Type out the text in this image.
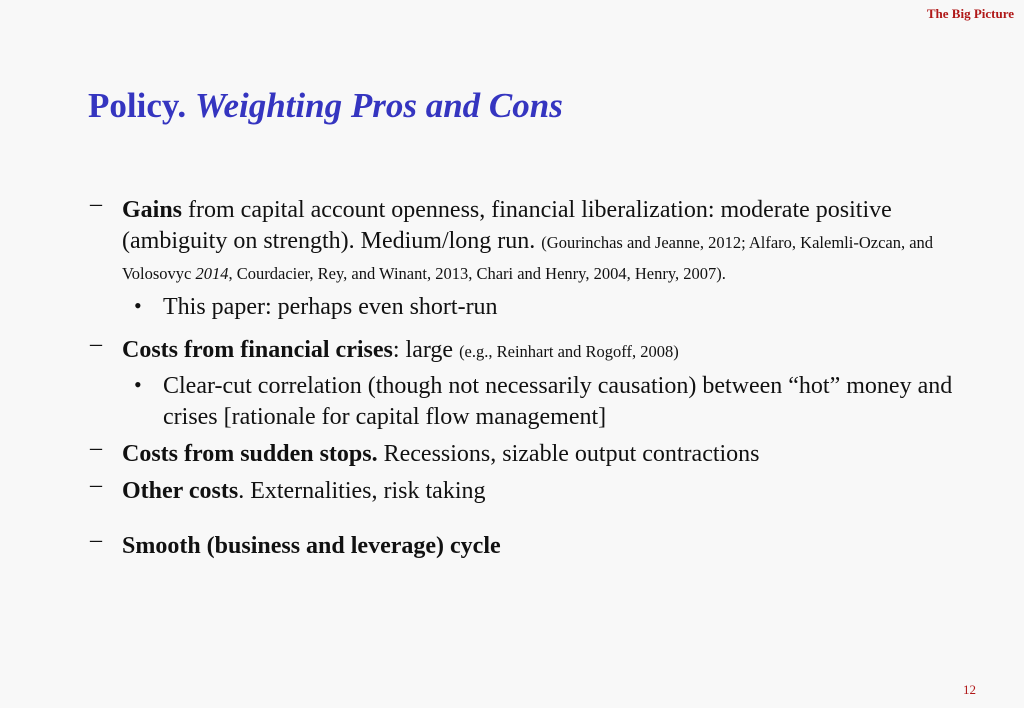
The Big Picture
Policy. Weighting Pros and Cons
– Gains from capital account openness, financial liberalization: moderate positive (ambiguity on strength). Medium/long run. (Gourinchas and Jeanne, 2012; Alfaro, Kalemli-Ozcan, and Volosovyc 2014, Courdacier, Rey, and Winant, 2013, Chari and Henry, 2004, Henry, 2007).
• This paper: perhaps even short-run
– Costs from financial crises: large (e.g., Reinhart and Rogoff, 2008)
• Clear-cut correlation (though not necessarily causation) between “hot” money and crises [rationale for capital flow management]
– Costs from sudden stops. Recessions, sizable output contractions
– Other costs. Externalities, risk taking
– Smooth (business and leverage) cycle
12
